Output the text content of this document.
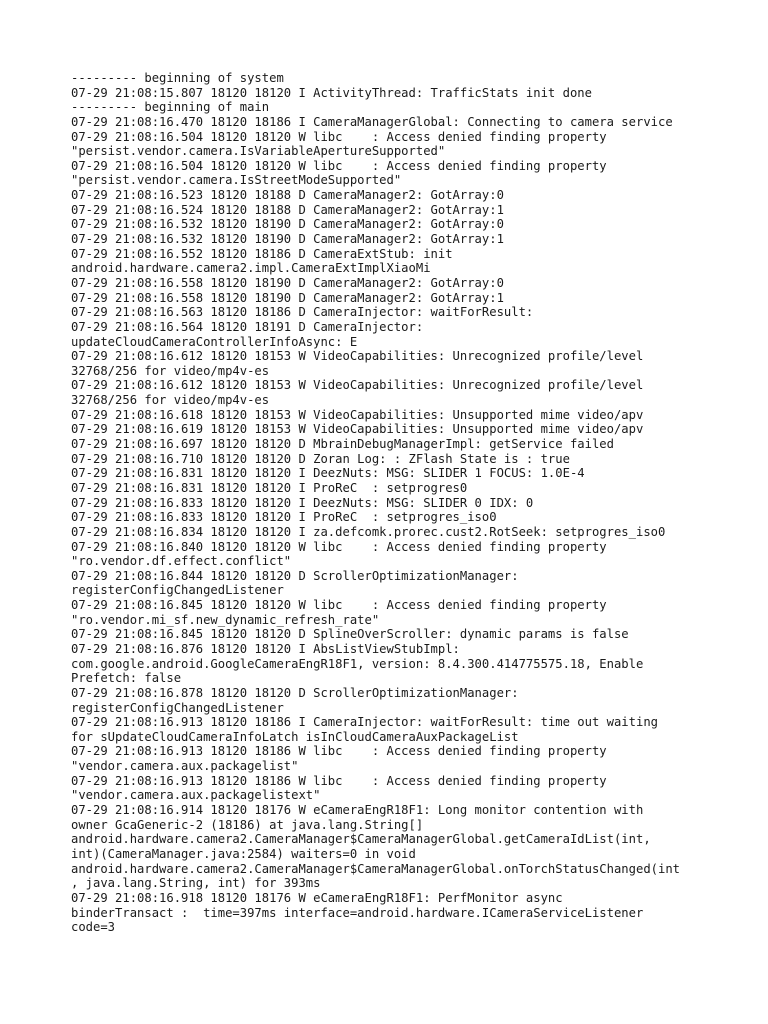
--------- beginning of system
07-29 21:08:15.807 18120 18120 I ActivityThread: TrafficStats init done
--------- beginning of main
07-29 21:08:16.470 18120 18186 I CameraManagerGlobal: Connecting to camera service
07-29 21:08:16.504 18120 18120 W libc    : Access denied finding property
"persist.vendor.camera.IsVariableApertureSupported"
07-29 21:08:16.504 18120 18120 W libc    : Access denied finding property
"persist.vendor.camera.IsStreetModeSupported"
07-29 21:08:16.523 18120 18188 D CameraManager2: GotArray:0
07-29 21:08:16.524 18120 18188 D CameraManager2: GotArray:1
07-29 21:08:16.532 18120 18190 D CameraManager2: GotArray:0
07-29 21:08:16.532 18120 18190 D CameraManager2: GotArray:1
07-29 21:08:16.552 18120 18186 D CameraExtStub: init
android.hardware.camera2.impl.CameraExtImplXiaoMi
07-29 21:08:16.558 18120 18190 D CameraManager2: GotArray:0
07-29 21:08:16.558 18120 18190 D CameraManager2: GotArray:1
07-29 21:08:16.563 18120 18186 D CameraInjector: waitForResult:
07-29 21:08:16.564 18120 18191 D CameraInjector:
updateCloudCameraControllerInfoAsync: E
07-29 21:08:16.612 18120 18153 W VideoCapabilities: Unrecognized profile/level
32768/256 for video/mp4v-es
07-29 21:08:16.612 18120 18153 W VideoCapabilities: Unrecognized profile/level
32768/256 for video/mp4v-es
07-29 21:08:16.618 18120 18153 W VideoCapabilities: Unsupported mime video/apv
07-29 21:08:16.619 18120 18153 W VideoCapabilities: Unsupported mime video/apv
07-29 21:08:16.697 18120 18120 D MbrainDebugManagerImpl: getService failed
07-29 21:08:16.710 18120 18120 D Zoran Log: : ZFlash State is : true
07-29 21:08:16.831 18120 18120 I DeezNuts: MSG: SLIDER 1 FOCUS: 1.0E-4
07-29 21:08:16.831 18120 18120 I ProReC  : setprogres0
07-29 21:08:16.833 18120 18120 I DeezNuts: MSG: SLIDER 0 IDX: 0
07-29 21:08:16.833 18120 18120 I ProReC  : setprogres_iso0
07-29 21:08:16.834 18120 18120 I za.defcomk.prorec.cust2.RotSeek: setprogres_iso0
07-29 21:08:16.840 18120 18120 W libc    : Access denied finding property
"ro.vendor.df.effect.conflict"
07-29 21:08:16.844 18120 18120 D ScrollerOptimizationManager:
registerConfigChangedListener
07-29 21:08:16.845 18120 18120 W libc    : Access denied finding property
"ro.vendor.mi_sf.new_dynamic_refresh_rate"
07-29 21:08:16.845 18120 18120 D SplineOverScroller: dynamic params is false
07-29 21:08:16.876 18120 18120 I AbsListViewStubImpl:
com.google.android.GoogleCameraEngR18F1, version: 8.4.300.414775575.18, Enable
Prefetch: false
07-29 21:08:16.878 18120 18120 D ScrollerOptimizationManager:
registerConfigChangedListener
07-29 21:08:16.913 18120 18186 I CameraInjector: waitForResult: time out waiting
for sUpdateCloudCameraInfoLatch isInCloudCameraAuxPackageList
07-29 21:08:16.913 18120 18186 W libc    : Access denied finding property
"vendor.camera.aux.packagelist"
07-29 21:08:16.913 18120 18186 W libc    : Access denied finding property
"vendor.camera.aux.packagelistext"
07-29 21:08:16.914 18120 18176 W eCameraEngR18F1: Long monitor contention with
owner GcaGeneric-2 (18186) at java.lang.String[]
android.hardware.camera2.CameraManager$CameraManagerGlobal.getCameraIdList(int,
int)(CameraManager.java:2584) waiters=0 in void
android.hardware.camera2.CameraManager$CameraManagerGlobal.onTorchStatusChanged(int
, java.lang.String, int) for 393ms
07-29 21:08:16.918 18120 18176 W eCameraEngR18F1: PerfMonitor async
binderTransact :  time=397ms interface=android.hardware.ICameraServiceListener
code=3
